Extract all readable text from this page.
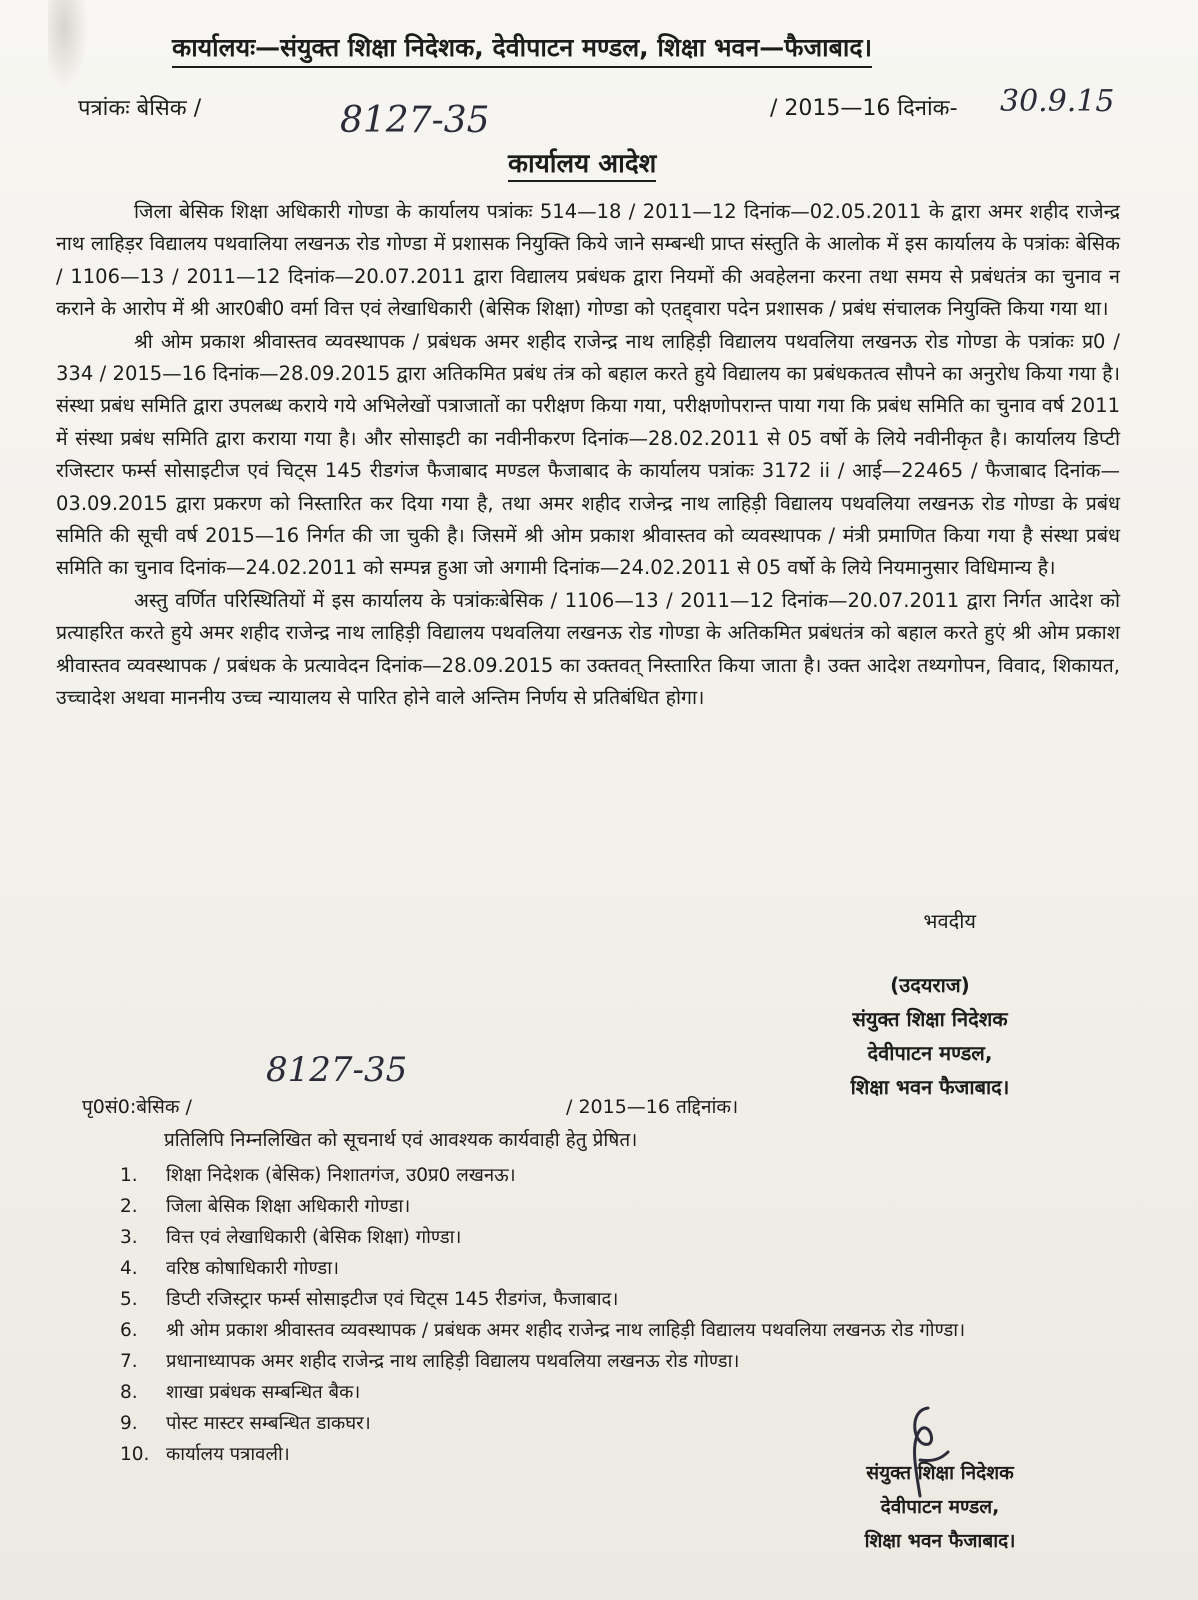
कार्यालयः—संयुक्त शिक्षा निदेशक, देवीपाटन मण्डल, शिक्षा भवन—फैजाबाद।
पत्रांकः बेसिक /	8127-35	/ 2015—16 दिनांक- 30.9.15
कार्यालय आदेश

जिला बेसिक शिक्षा अधिकारी गोण्डा के कार्यालय पत्रांकः 514—18 / 2011—12 दिनांक—02.05.2011 के द्वारा अमर शहीद राजेन्द्र नाथ लाहिड़र विद्यालय पथवालिया लखनऊ रोड गोण्डा में प्रशासक नियुक्ति किये जाने सम्बन्धी प्राप्त संस्तुति के आलोक में इस कार्यालय के पत्रांकः बेसिक / 1106—13 / 2011—12 दिनांक—20.07.2011 द्वारा विद्यालय प्रबंधक द्वारा नियमों की अवहेलना करना तथा समय से प्रबंधतंत्र का चुनाव न कराने के आरोप में श्री आर0बी0 वर्मा वित्त एवं लेखाधिकारी (बेसिक शिक्षा) गोण्डा को एतद्द्वारा पदेन प्रशासक / प्रबंध संचालक नियुक्ति किया गया था।

श्री ओम प्रकाश श्रीवास्तव व्यवस्थापक / प्रबंधक अमर शहीद राजेन्द्र नाथ लाहिड़ी विद्यालय पथवलिया लखनऊ रोड गोण्डा के पत्रांकः प्र0 / 334 / 2015—16 दिनांक—28.09.2015 द्वारा अतिकमित प्रबंध तंत्र को बहाल करते हुये विद्यालय का प्रबंधकतत्व सौपने का अनुरोध किया गया है। संस्था प्रबंध समिति द्वारा उपलब्ध कराये गये अभिलेखों पत्राजातों का परीक्षण किया गया, परीक्षणोपरान्त पाया गया कि प्रबंध समिति का चुनाव वर्ष 2011 में संस्था प्रबंध समिति द्वारा कराया गया है। और सोसाइटी का नवीनीकरण दिनांक—28.02.2011 से 05 वर्षो के लिये नवीनीकृत है। कार्यालय डिप्टी रजिस्टार फर्म्स सोसाइटीज एवं चिट्स 145 रीडगंज फैजाबाद मण्डल फैजाबाद के कार्यालय पत्रांकः 3172 ii / आई—22465 / फैजाबाद दिनांक—03.09.2015 द्वारा प्रकरण को निस्तारित कर दिया गया है, तथा अमर शहीद राजेन्द्र नाथ लाहिड़ी विद्यालय पथवलिया लखनऊ रोड गोण्डा के प्रबंध समिति की सूची वर्ष 2015—16 निर्गत की जा चुकी है। जिसमें श्री ओम प्रकाश श्रीवास्तव को व्यवस्थापक / मंत्री प्रमाणित किया गया है संस्था प्रबंध समिति का चुनाव दिनांक—24.02.2011 को सम्पन्न हुआ जो अगामी दिनांक—24.02.2011 से 05 वर्षो के लिये नियमानुसार विधिमान्य है।

अस्तु वर्णित परिस्थितियों में इस कार्यालय के पत्रांकःबेसिक / 1106—13 / 2011—12 दिनांक—20.07.2011 द्वारा निर्गत आदेश को प्रत्याहरित करते हुये अमर शहीद राजेन्द्र नाथ लाहिड़ी विद्यालय पथवलिया लखनऊ रोड गोण्डा के अतिकमित प्रबंधतंत्र को बहाल करते हुएं श्री ओम प्रकाश श्रीवास्तव व्यवस्थापक / प्रबंधक के प्रत्यावेदन दिनांक—28.09.2015 का उक्तवत् निस्तारित किया जाता है। उक्त आदेश तथ्यगोपन, विवाद, शिकायत, उच्चादेश अथवा माननीय उच्च न्यायालय से पारित होने वाले अन्तिम निर्णय से प्रतिबंधित होगा।

भवदीय
(उदयराज)
संयुक्त शिक्षा निदेशक
देवीपाटन मण्डल,
शिक्षा भवन फैजाबाद।
8127-35
पृ0सं0:बेसिक /	/ 2015—16 तद्दिनांक।
प्रतिलिपि निम्नलिखित को सूचनार्थ एवं आवश्यक कार्यवाही हेतु प्रेषित।
1.	शिक्षा निदेशक (बेसिक) निशातगंज, उ0प्र0 लखनऊ।
2.	जिला बेसिक शिक्षा अधिकारी गोण्डा।
3.	वित्त एवं लेखाधिकारी (बेसिक शिक्षा) गोण्डा।
4.	वरिष्ठ कोषाधिकारी गोण्डा।
5.	डिप्टी रजिस्ट्रार फर्म्स सोसाइटीज एवं चिट्स 145 रीडगंज, फैजाबाद।
6.	श्री ओम प्रकाश श्रीवास्तव व्यवस्थापक / प्रबंधक अमर शहीद राजेन्द्र नाथ लाहिड़ी विद्यालय पथवलिया लखनऊ रोड गोण्डा।
7.	प्रधानाध्यापक अमर शहीद राजेन्द्र नाथ लाहिड़ी विद्यालय पथवलिया लखनऊ रोड गोण्डा।
8.	शाखा प्रबंधक सम्बन्धित बैक।
9.	पोस्ट मास्टर सम्बन्धित डाकघर।
10. कार्यालय पत्रावली।
संयुक्त शिक्षा निदेशक
देवीपाटन मण्डल,
शिक्षा भवन फैजाबाद।
